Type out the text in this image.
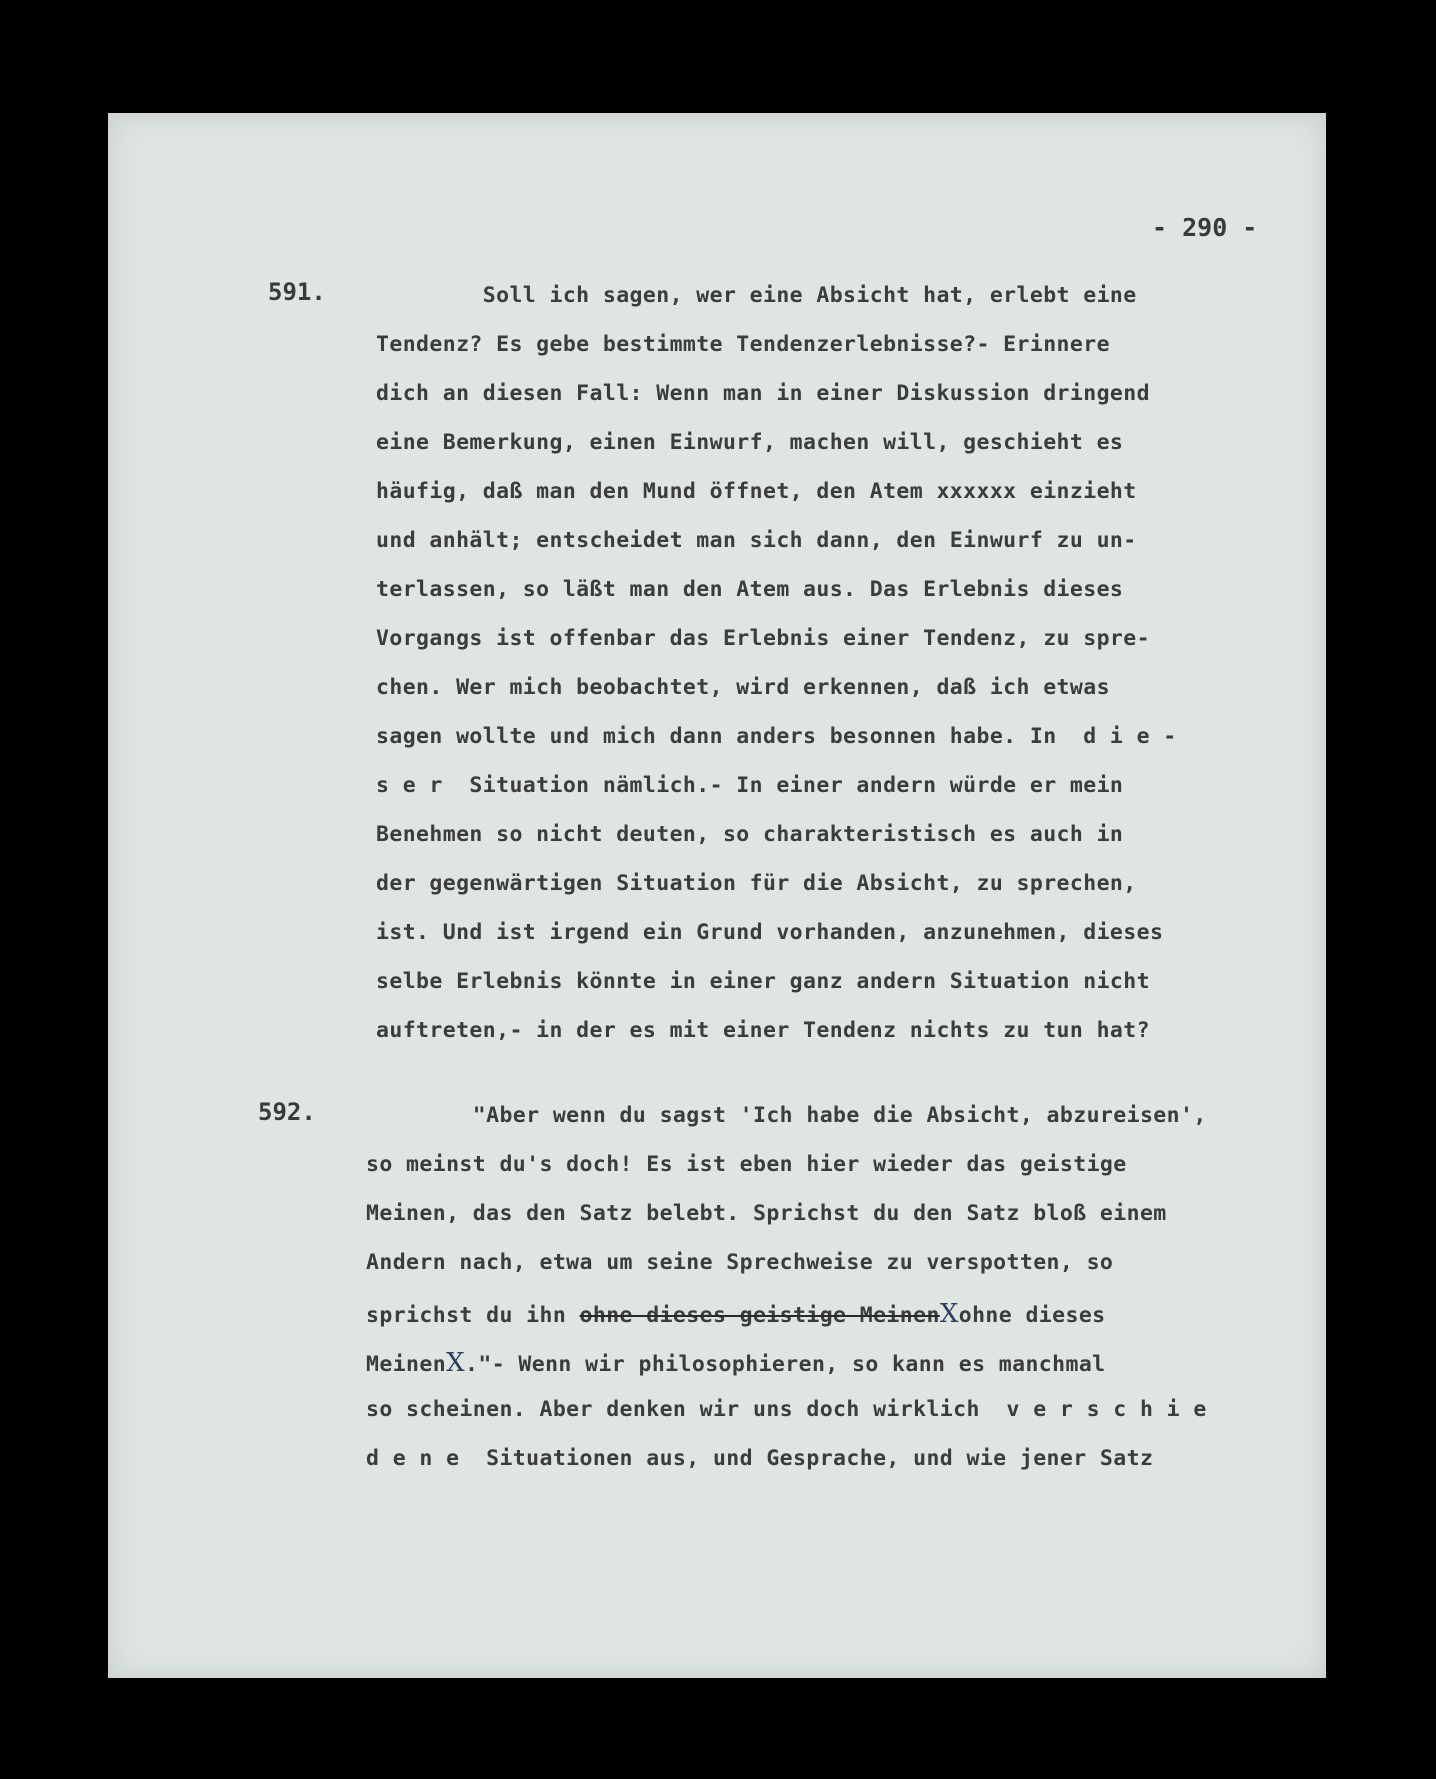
- 290 -
591. Soll ich sagen, wer eine Absicht hat, erlebt eine
Tendenz? Es gebe bestimmte Tendenzerlebnisse?- Erinnere
dich an diesen Fall: Wenn man in einer Diskussion dringend
eine Bemerkung, einen Einwurf, machen will, geschieht es
häufig, daß man den Mund öffnet, den Atem xxxxxx einzieht
und anhält; entscheidet man sich dann, den Einwurf zu un-
terlassen, so läßt man den Atem aus. Das Erlebnis dieses
Vorgangs ist offenbar das Erlebnis einer Tendenz, zu spre-
chen. Wer mich beobachtet, wird erkennen, daß ich etwas
sagen wollte und mich dann anders besonnen habe. In  d i e -
s e r  Situation nämlich.- In einer andern würde er mein
Benehmen so nicht deuten, so charakteristisch es auch in
der gegenwärtigen Situation für die Absicht, zu sprechen,
ist. Und ist irgend ein Grund vorhanden, anzunehmen, dieses
selbe Erlebnis könnte in einer ganz andern Situation nicht
auftreten,- in der es mit einer Tendenz nichts zu tun hat?
592. "Aber wenn du sagst 'Ich habe die Absicht, abzureisen',
so meinst du's doch! Es ist eben hier wieder das geistige
Meinen, das den Satz belebt. Sprichst du den Satz bloß einem
Andern nach, etwa um seine Sprechweise zu verspotten, so
sprichst du ihn ohne dieses geistige MeinenXohne dieses
MeinenX."- Wenn wir philosophieren, so kann es manchmal
so scheinen. Aber denken wir uns doch wirklich  v e r s c h i e
d e n e  Situationen aus, und Gesprache, und wie jener Satz
